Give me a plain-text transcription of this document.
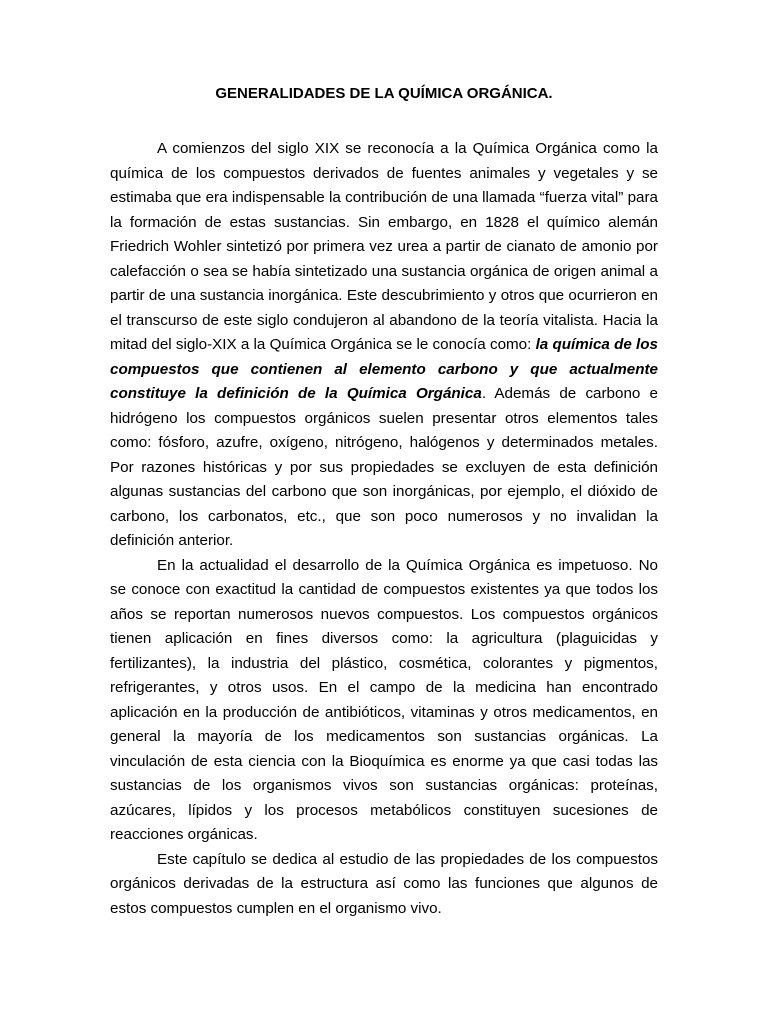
GENERALIDADES DE LA QUÍMICA ORGÁNICA.

A comienzos del siglo XIX se reconocía a la Química Orgánica como la química de los compuestos derivados de fuentes animales y vegetales y se estimaba que era indispensable la contribución de una llamada “fuerza vital” para la formación de estas sustancias. Sin embargo, en 1828 el químico alemán Friedrich Wohler sintetizó por primera vez urea a partir de cianato de amonio por calefacción o sea se había sintetizado una sustancia orgánica de origen animal a partir de una sustancia inorgánica. Este descubrimiento y otros que ocurrieron en el transcurso de este siglo condujeron al abandono de la teoría vitalista. Hacia la mitad del siglo-XIX a la Química Orgánica se le conocía como: la química de los compuestos que contienen al elemento carbono y que actualmente constituye la definición de la Química Orgánica. Además de carbono e hidrógeno los compuestos orgánicos suelen presentar otros elementos tales como: fósforo, azufre, oxígeno, nitrógeno, halógenos y determinados metales. Por razones históricas y por sus propiedades se excluyen de esta definición algunas sustancias del carbono que son inorgánicas, por ejemplo, el dióxido de carbono, los carbonatos, etc., que son poco numerosos y no invalidan la definición anterior.

En la actualidad el desarrollo de la Química Orgánica es impetuoso. No se conoce con exactitud la cantidad de compuestos existentes ya que todos los años se reportan numerosos nuevos compuestos. Los compuestos orgánicos tienen aplicación en fines diversos como: la agricultura (plaguicidas y fertilizantes), la industria del plástico, cosmética, colorantes y pigmentos, refrigerantes, y otros usos. En el campo de la medicina han encontrado aplicación en la producción de antibióticos, vitaminas y otros medicamentos, en general la mayoría de los medicamentos son sustancias orgánicas. La vinculación de esta ciencia con la Bioquímica es enorme ya que casi todas las sustancias de los organismos vivos son sustancias orgánicas: proteínas, azúcares, lípidos y los procesos metabólicos constituyen sucesiones de reacciones orgánicas.

Este capítulo se dedica al estudio de las propiedades de los compuestos orgánicos derivadas de la estructura así como las funciones que algunos de estos compuestos cumplen en el organismo vivo.
